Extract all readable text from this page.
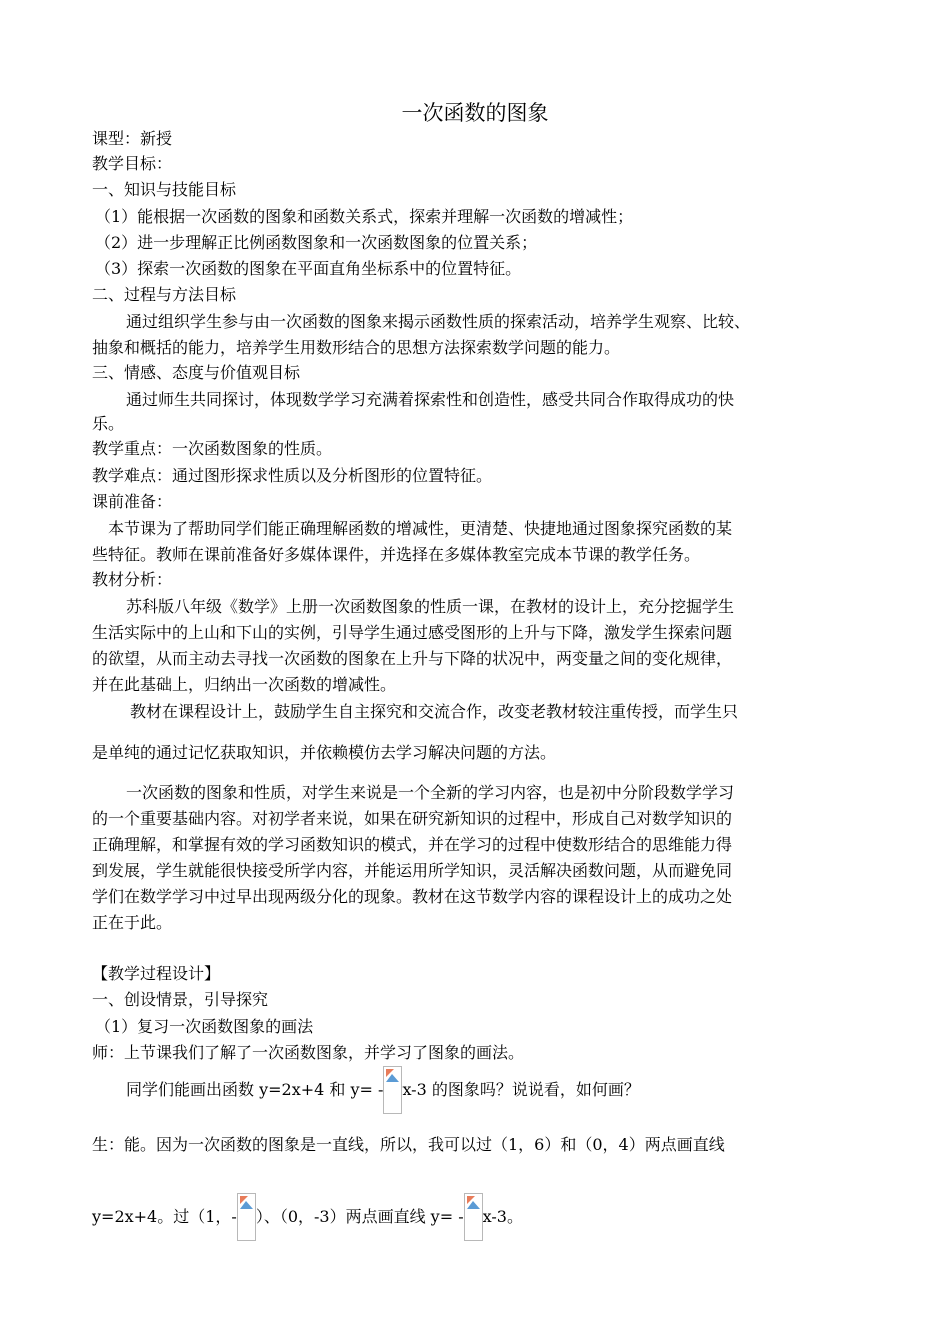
一次函数的图象
课型：新授
教学目标：
一、知识与技能目标
（1）能根据一次函数的图象和函数关系式，探索并理解一次函数的增减性；
（2）进一步理解正比例函数图象和一次函数图象的位置关系；
（3）探索一次函数的图象在平面直角坐标系中的位置特征。
二、过程与方法目标
通过组织学生参与由一次函数的图象来揭示函数性质的探索活动，培养学生观察、比较、
抽象和概括的能力，培养学生用数形结合的思想方法探索数学问题的能力。
三、情感、态度与价值观目标
通过师生共同探讨，体现数学学习充满着探索性和创造性，感受共同合作取得成功的快
乐。
教学重点：一次函数图象的性质。
教学难点：通过图形探求性质以及分析图形的位置特征。
课前准备：
本节课为了帮助同学们能正确理解函数的增减性，更清楚、快捷地通过图象探究函数的某
些特征。教师在课前准备好多媒体课件，并选择在多媒体教室完成本节课的教学任务。
教材分析：
苏科版八年级《数学》上册一次函数图象的性质一课，在教材的设计上，充分挖掘学生
生活实际中的上山和下山的实例，引导学生通过感受图形的上升与下降，激发学生探索问题
的欲望，从而主动去寻找一次函数的图象在上升与下降的状况中，两变量之间的变化规律，
并在此基础上，归纳出一次函数的增减性。
教材在课程设计上，鼓励学生自主探究和交流合作，改变老教材较注重传授，而学生只
是单纯的通过记忆获取知识，并依赖模仿去学习解决问题的方法。
一次函数的图象和性质，对学生来说是一个全新的学习内容，也是初中分阶段数学学习
的一个重要基础内容。对初学者来说，如果在研究新知识的过程中，形成自己对数学知识的
正确理解，和掌握有效的学习函数知识的模式，并在学习的过程中使数形结合的思维能力得
到发展，学生就能很快接受所学内容，并能运用所学知识，灵活解决函数问题，从而避免同
学们在数学学习中过早出现两级分化的现象。教材在这节数学内容的课程设计上的成功之处
正在于此。
【教学过程设计】
一、创设情景，引导探究
（1）复习一次函数图象的画法
师：上节课我们了解了一次函数图象，并学习了图象的画法。
同学们能画出函数 y=2x+4 和 y= - x-3 的图象吗？说说看，如何画？
生：能。因为一次函数的图象是一直线，所以，我可以过（1，6）和（0，4）两点画直线
y=2x+4。过（1，- ）、（0，-3）两点画直线 y= - x-3。
